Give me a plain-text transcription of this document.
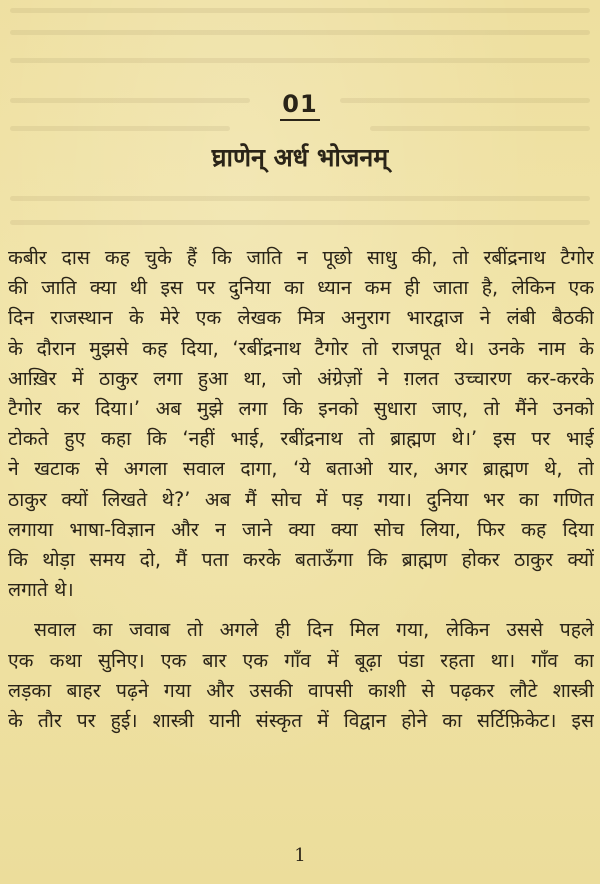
01
घ्राणेन् अर्ध भोजनम्
कबीर दास कह चुके हैं कि जाति न पूछो साधु की, तो रबींद्रनाथ टैगोर
की जाति क्या थी इस पर दुनिया का ध्यान कम ही जाता है, लेकिन एक
दिन राजस्थान के मेरे एक लेखक मित्र अनुराग भारद्वाज ने लंबी बैठकी
के दौरान मुझसे कह दिया, ‘रबींद्रनाथ टैगोर तो राजपूत थे। उनके नाम के
आख़िर में ठाकुर लगा हुआ था, जो अंग्रेज़ों ने ग़लत उच्चारण कर-करके
टैगोर कर दिया।’ अब मुझे लगा कि इनको सुधारा जाए, तो मैंने उनको
टोकते हुए कहा कि ‘नहीं भाई, रबींद्रनाथ तो ब्राह्मण थे।’ इस पर भाई
ने खटाक से अगला सवाल दागा, ‘ये बताओ यार, अगर ब्राह्मण थे, तो
ठाकुर क्यों लिखते थे?’ अब मैं सोच में पड़ गया। दुनिया भर का गणित
लगाया भाषा-विज्ञान और न जाने क्या क्या सोच लिया, फिर कह दिया
कि थोड़ा समय दो, मैं पता करके बताऊँगा कि ब्राह्मण होकर ठाकुर क्यों
लगाते थे।
सवाल का जवाब तो अगले ही दिन मिल गया, लेकिन उससे पहले
एक कथा सुनिए। एक बार एक गाँव में बूढ़ा पंडा रहता था। गाँव का
लड़का बाहर पढ़ने गया और उसकी वापसी काशी से पढ़कर लौटे शास्त्री
के तौर पर हुई। शास्त्री यानी संस्कृत में विद्वान होने का सर्टिफ़िकेट। इस
1
